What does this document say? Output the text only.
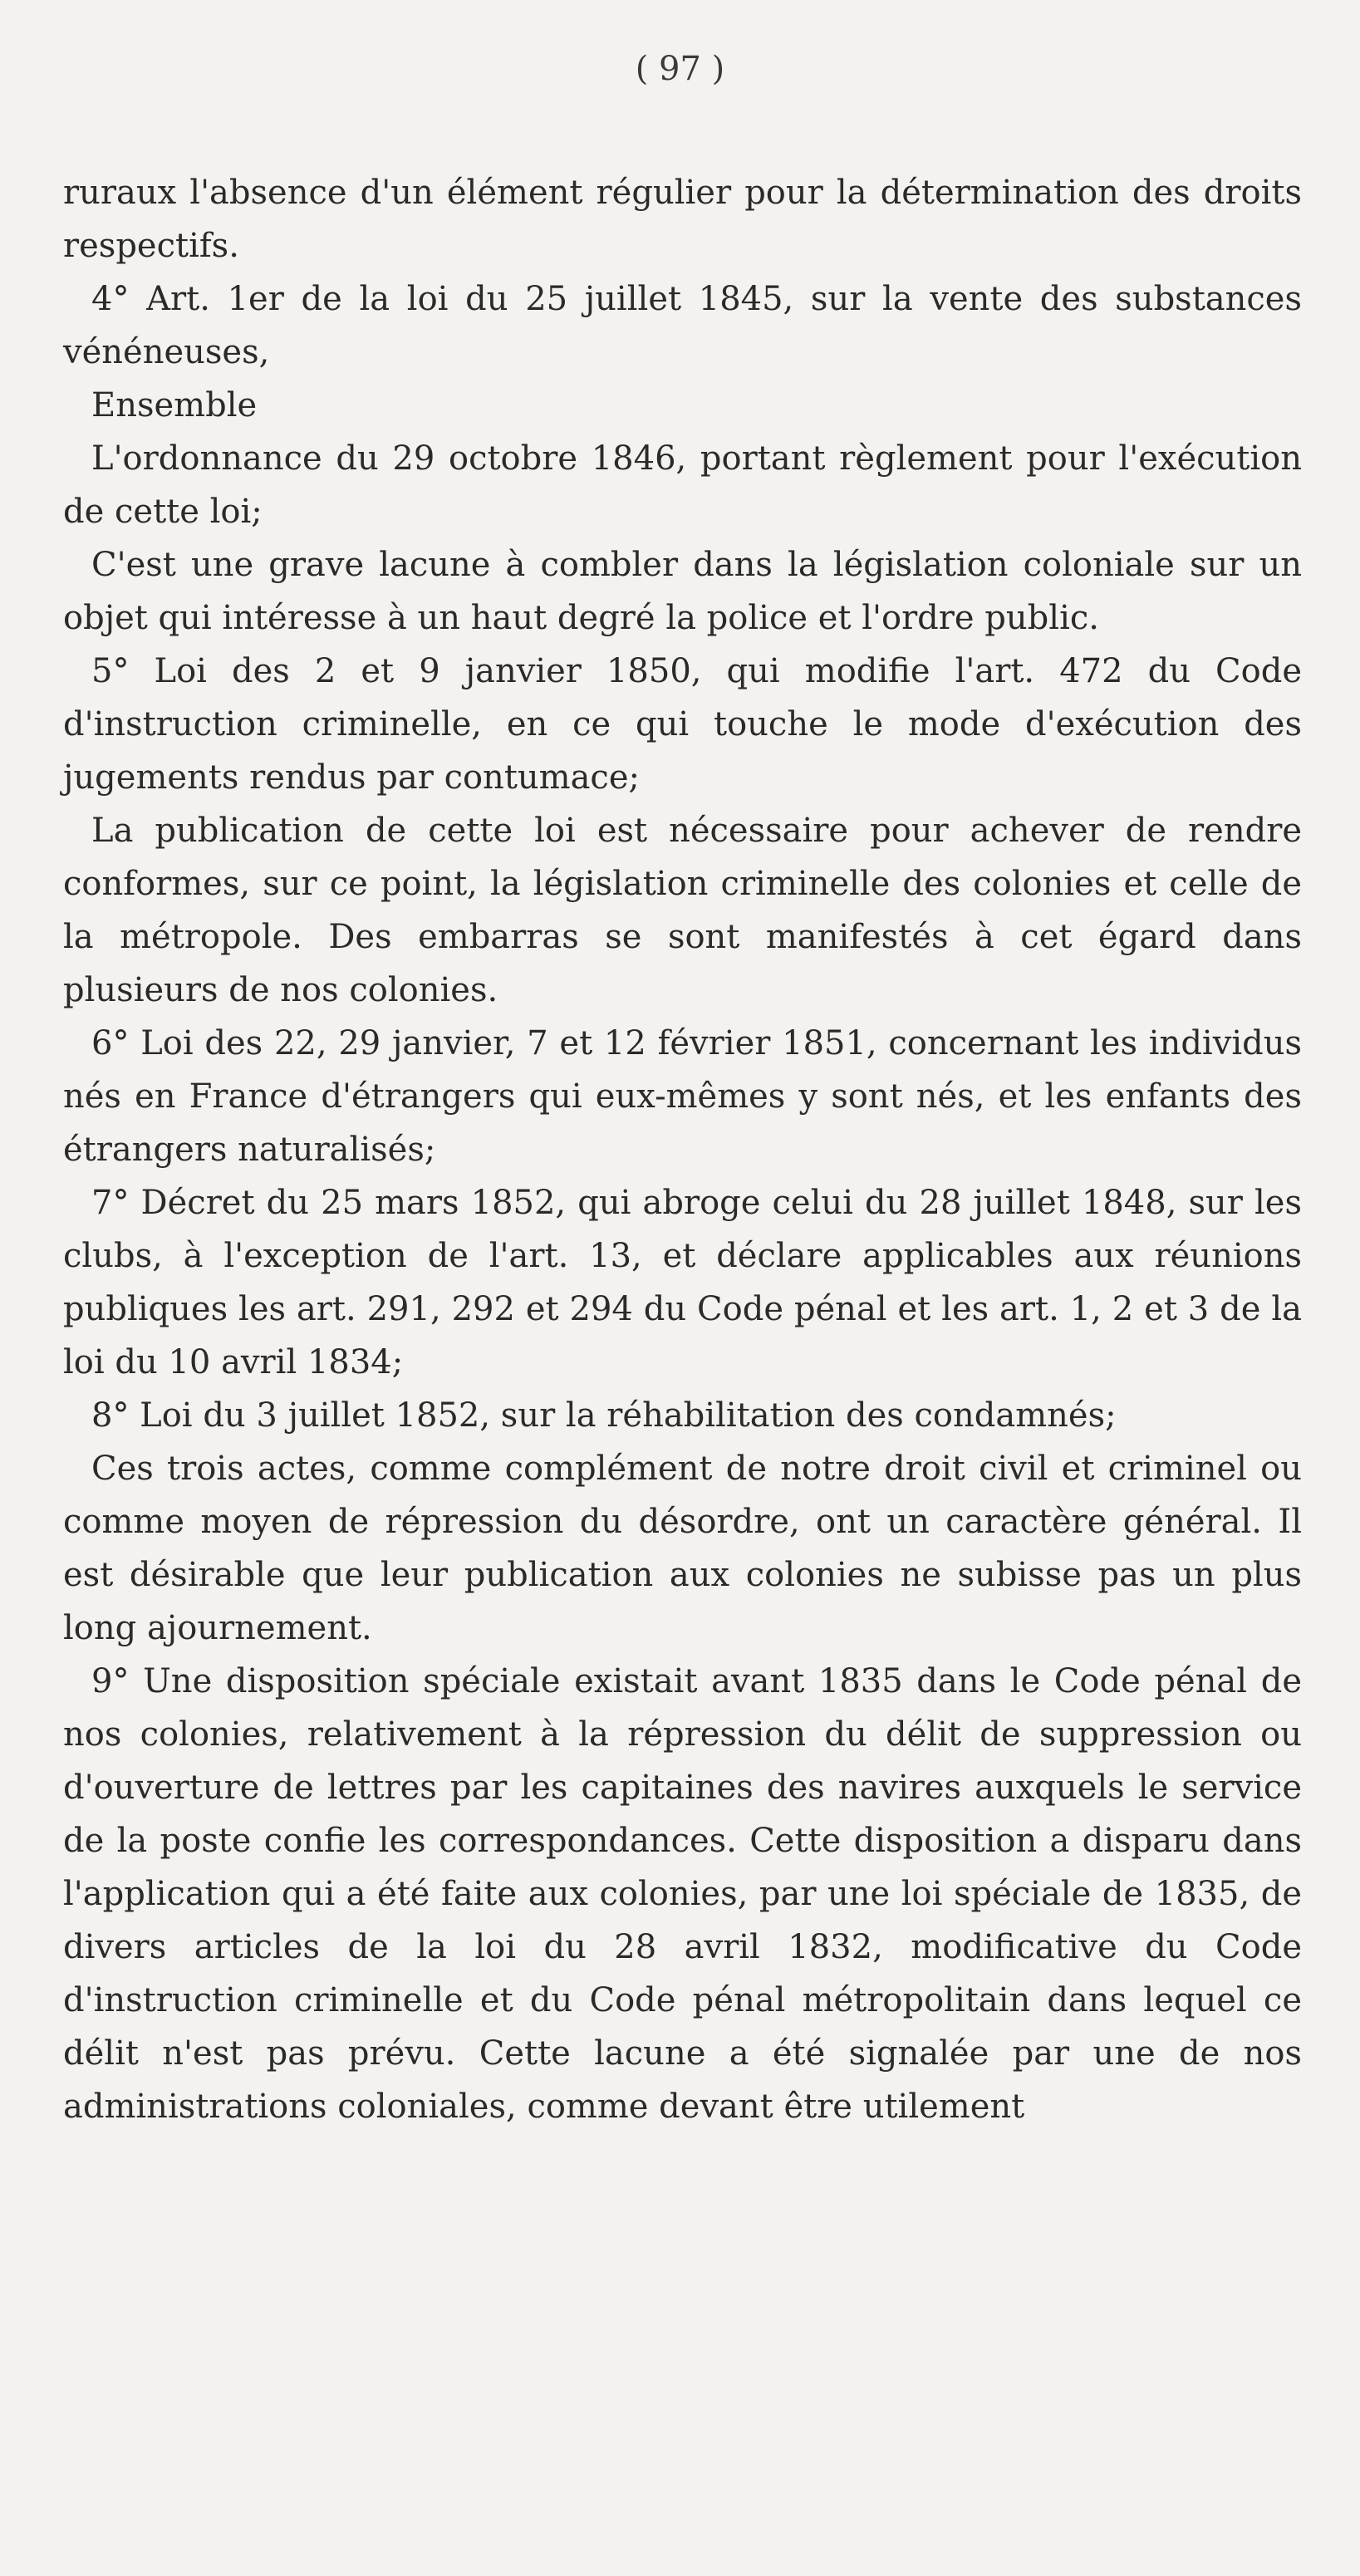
( 97 )

ruraux l'absence d'un élément régulier pour la détermination des droits respectifs.

4° Art. 1er de la loi du 25 juillet 1845, sur la vente des substances vénéneuses,

Ensemble

L'ordonnance du 29 octobre 1846, portant règlement pour l'exécution de cette loi;

C'est une grave lacune à combler dans la législation coloniale sur un objet qui intéresse à un haut degré la police et l'ordre public.

5° Loi des 2 et 9 janvier 1850, qui modifie l'art. 472 du Code d'instruction criminelle, en ce qui touche le mode d'exécution des jugements rendus par contumace;

La publication de cette loi est nécessaire pour achever de rendre conformes, sur ce point, la législation criminelle des colonies et celle de la métropole. Des embarras se sont manifestés à cet égard dans plusieurs de nos colonies.

6° Loi des 22, 29 janvier, 7 et 12 février 1851, concernant les individus nés en France d'étrangers qui eux-mêmes y sont nés, et les enfants des étrangers naturalisés;

7° Décret du 25 mars 1852, qui abroge celui du 28 juillet 1848, sur les clubs, à l'exception de l'art. 13, et déclare applicables aux réunions publiques les art. 291, 292 et 294 du Code pénal et les art. 1, 2 et 3 de la loi du 10 avril 1834;

8° Loi du 3 juillet 1852, sur la réhabilitation des condamnés;

Ces trois actes, comme complément de notre droit civil et criminel ou comme moyen de répression du désordre, ont un caractère général. Il est désirable que leur publication aux colonies ne subisse pas un plus long ajournement.

9° Une disposition spéciale existait avant 1835 dans le Code pénal de nos colonies, relativement à la répression du délit de suppression ou d'ouverture de lettres par les capitaines des navires auxquels le service de la poste confie les correspondances. Cette disposition a disparu dans l'application qui a été faite aux colonies, par une loi spéciale de 1835, de divers articles de la loi du 28 avril 1832, modificative du Code d'instruction criminelle et du Code pénal métropolitain dans lequel ce délit n'est pas prévu. Cette lacune a été signalée par une de nos administrations coloniales, comme devant être utilement
